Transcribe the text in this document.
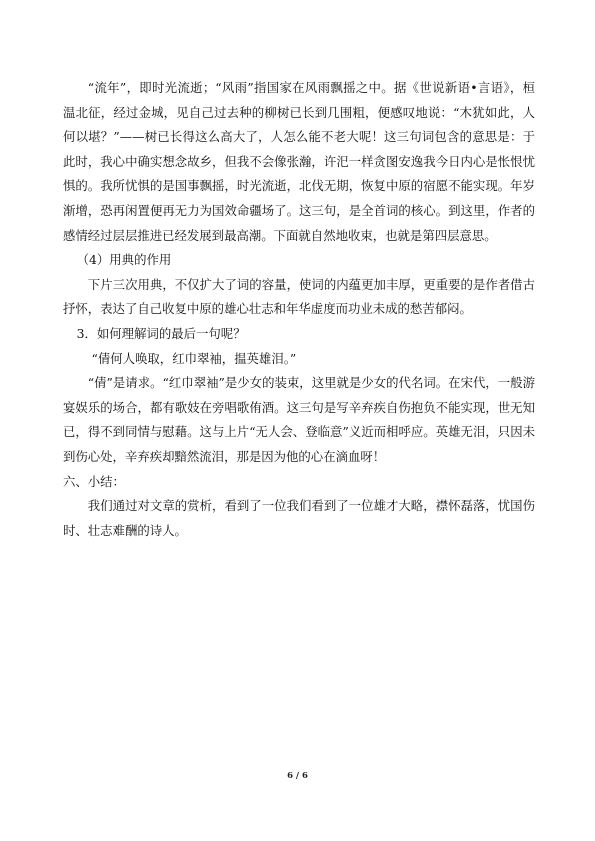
“流年”，即时光流逝；“风雨”指国家在风雨飘摇之中。据《世说新语•言语》，桓温北征，经过金城，见自己过去种的柳树已长到几围粗，便感叹地说：“木犹如此，人何以堪？”——树已长得这么高大了，人怎么能不老大呢！这三句词包含的意思是：于此时，我心中确实想念故乡，但我不会像张瀚，许汜一样贪图安逸我今日内心是怅恨忧惧的。我所忧惧的是国事飘摇，时光流逝，北伐无期，恢复中原的宿愿不能实现。年岁渐增，恐再闲置便再无力为国效命疆场了。这三句，是全首词的核心。到这里，作者的感情经过层层推进已经发展到最高潮。下面就自然地收束，也就是第四层意思。

（4）用典的作用

下片三次用典，不仅扩大了词的容量，使词的内蕴更加丰厚，更重要的是作者借古抒怀，表达了自己收复中原的雄心壮志和年华虚度而功业未成的愁苦郁闷。

3．如何理解词的最后一句呢？

“倩何人唤取，红巾翠袖，揾英雄泪。”

“倩”是请求。“红巾翠袖”是少女的装束，这里就是少女的代名词。在宋代，一般游宴娱乐的场合，都有歌妓在旁唱歌侑酒。这三句是写辛弃疾自伤抱负不能实现，世无知已，得不到同情与慰藉。这与上片“无人会、登临意”义近而相呼应。英雄无泪，只因未到伤心处，辛弃疾却黯然流泪，那是因为他的心在滴血呀！

六、小结：

我们通过对文章的赏析，看到了一位我们看到了一位雄才大略，襟怀磊落，忧国伤时、壮志难酬的诗人。

6 / 6
